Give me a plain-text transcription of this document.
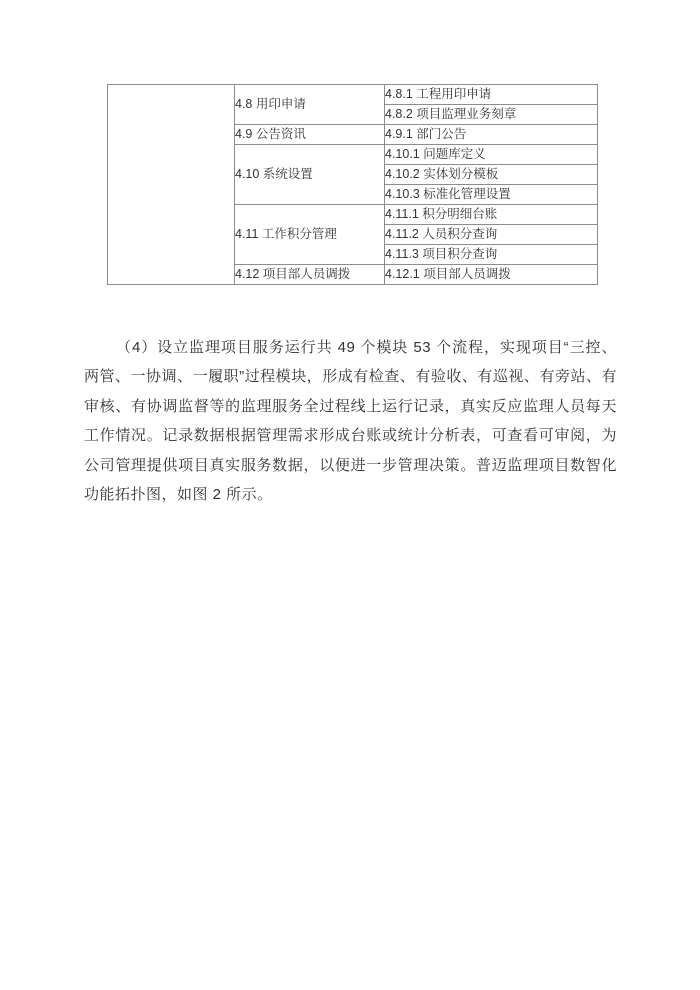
	4.8 用印申请	4.8.1 工程用印申请
		4.8.2 项目监理业务刻章
	4.9 公告资讯	4.9.1 部门公告
	4.10 系统设置	4.10.1 问题库定义
		4.10.2 实体划分模板
		4.10.3 标准化管理设置
	4.11 工作积分管理	4.11.1 积分明细台账
		4.11.2 人员积分查询
		4.11.3 项目积分查询
	4.12 项目部人员调拨	4.12.1 项目部人员调拨
（4）设立监理项目服务运行共 49 个模块 53 个流程，实现项目“三控、两管、一协调、一履职”过程模块，形成有检查、有验收、有巡视、有旁站、有审核、有协调监督等的监理服务全过程线上运行记录，真实反应监理人员每天工作情况。记录数据根据管理需求形成台账或统计分析表，可查看可审阅，为公司管理提供项目真实服务数据，以便进一步管理决策。普迈监理项目数智化功能拓扑图，如图 2 所示。
